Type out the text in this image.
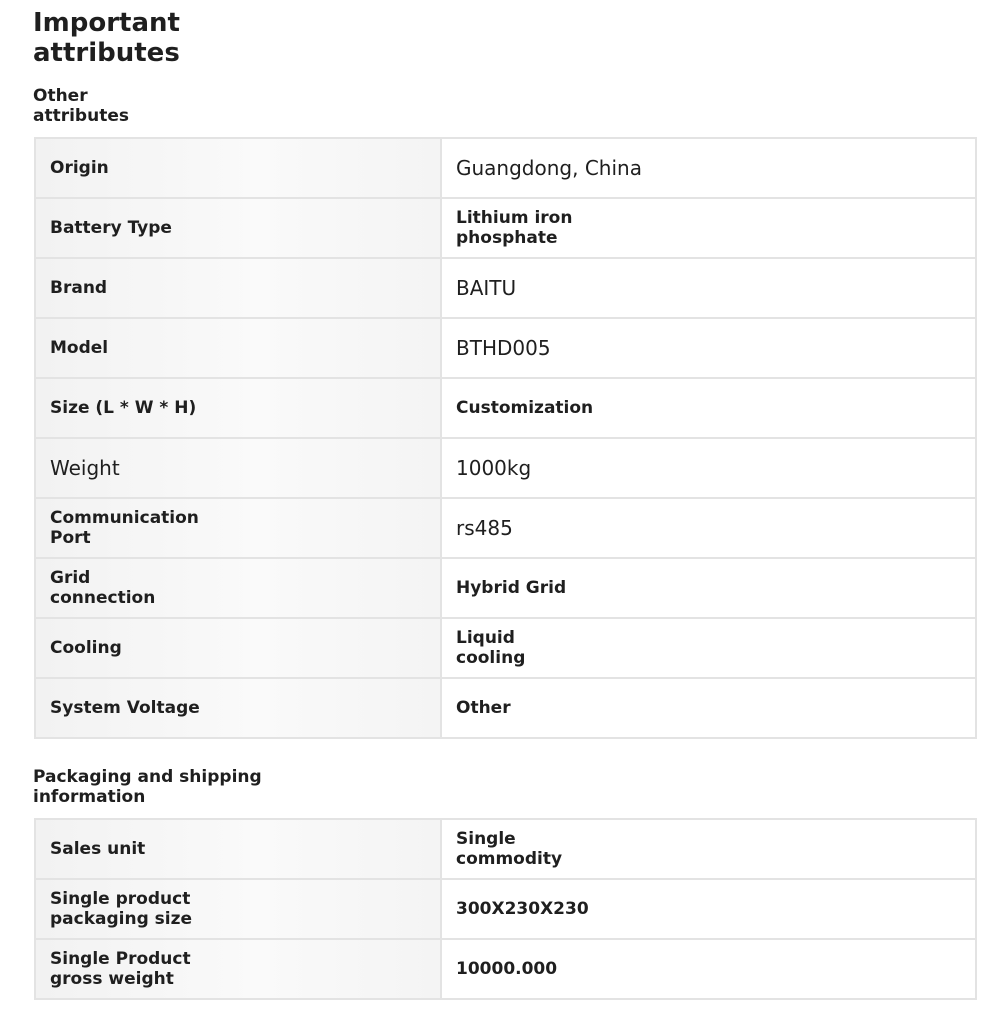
Important attributes
Other attributes
Origin	Guangdong, China

Battery Type	Lithium iron phosphate

Brand	BAITU

Model	BTHD005

Size (L * W * H)	Customization

Weight	1000kg

Communication Port	rs485

Grid connection	Hybrid Grid

Cooling	Liquid cooling

System Voltage	Other
Packaging and shipping information
Sales unit	Single commodity

Single product packaging size	300X230X230

Single Product gross weight	10000.000
